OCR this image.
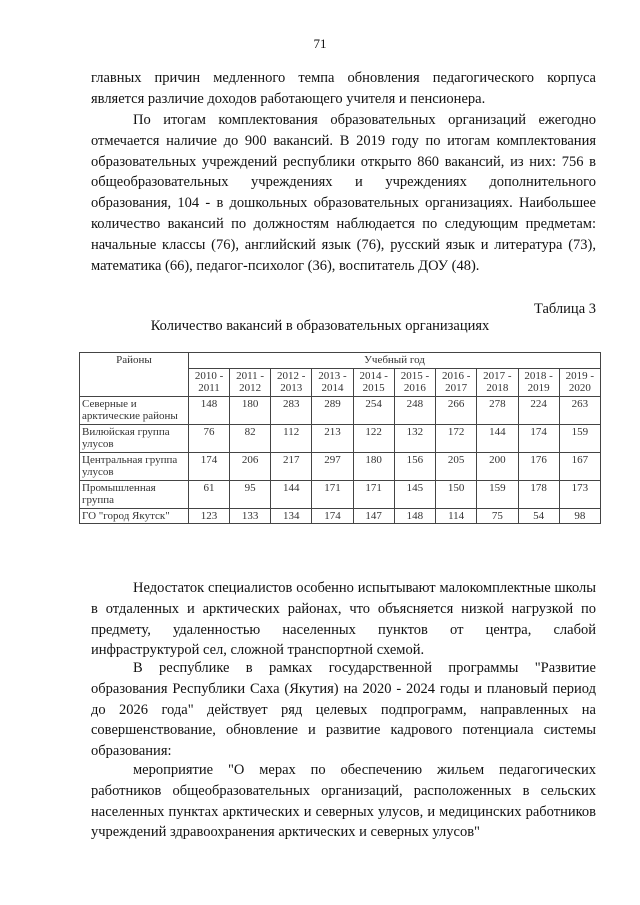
71

главных причин медленного темпа обновления педагогического корпуса является различие доходов работающего учителя и пенсионера.

По итогам комплектования образовательных организаций ежегодно отмечается наличие до 900 вакансий. В 2019 году по итогам комплектования образовательных учреждений республики открыто 860 вакансий, из них: 756 в общеобразовательных учреждениях и учреждениях дополнительного образования, 104 - в дошкольных образовательных организациях. Наибольшее количество вакансий по должностям наблюдается по следующим предметам: начальные классы (76), английский язык (76), русский язык и литература (73), математика (66), педагог-психолог (36), воспитатель ДОУ (48).

Таблица 3
Количество вакансий в образовательных организациях
Районы	Учебный год									
	2010 - 2011	2011 - 2012	2012 - 2013	2013 - 2014	2014 - 2015	2015 - 2016	2016 - 2017	2017 - 2018	2018 - 2019	2019 - 2020
Северные и арктические районы	148	180	283	289	254	248	266	278	224	263
Вилюйская группа улусов	76	82	112	213	122	132	172	144	174	159
Центральная группа улусов	174	206	217	297	180	156	205	200	176	167
Промышленная группа	61	95	144	171	171	145	150	159	178	173
ГО "город Якутск"	123	133	134	174	147	148	114	75	54	98

Недостаток специалистов особенно испытывают малокомплектные школы в отдаленных и арктических районах, что объясняется низкой нагрузкой по предмету, удаленностью населенных пунктов от центра, слабой инфраструктурой сел, сложной транспортной схемой.

В республике в рамках государственной программы "Развитие образования Республики Саха (Якутия) на 2020 - 2024 годы и плановый период до 2026 года" действует ряд целевых подпрограмм, направленных на совершенствование, обновление и развитие кадрового потенциала системы образования:

мероприятие "О мерах по обеспечению жильем педагогических работников общеобразовательных организаций, расположенных в сельских населенных пунктах арктических и северных улусов, и медицинских работников учреждений здравоохранения арктических и северных улусов"
